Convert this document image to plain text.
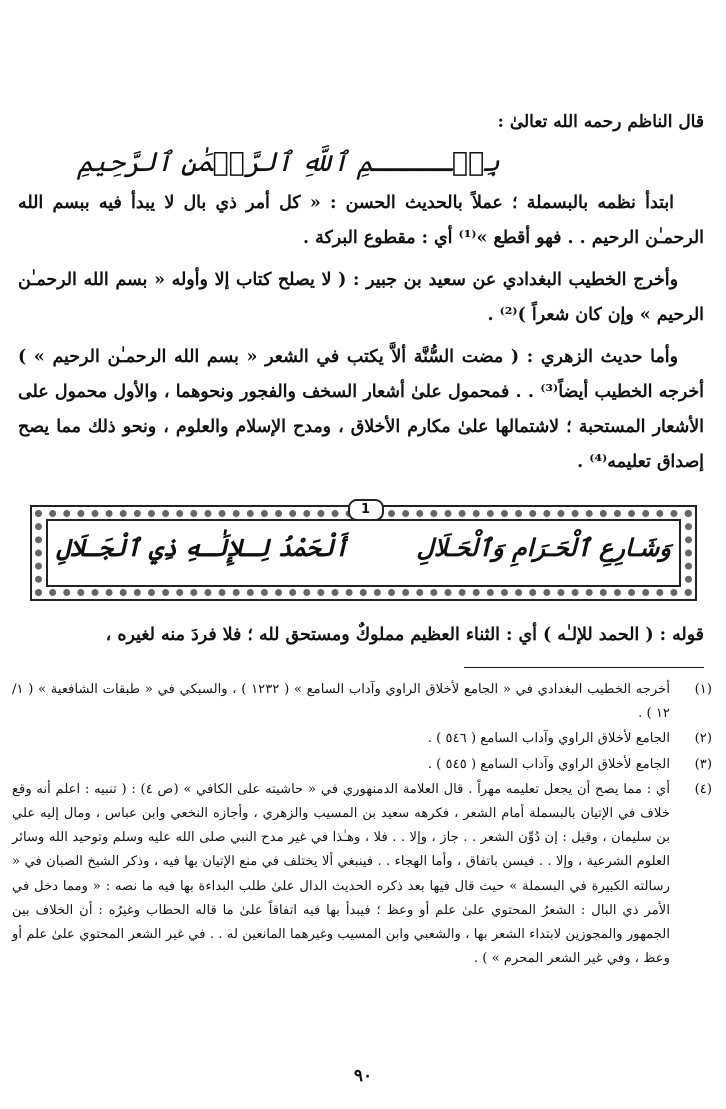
قال الناظم رحمه الله تعالىٰ :
بِسۡـــــمِ ٱللَّهِ ٱلرَّحۡمَٰنِ ٱلرَّحِيمِ

ابتدأ نظمه بالبسملة ؛ عملاً بالحديث الحسن : « كل أمر ذي بال لا يبدأ فيه ببسم الله الرحمـٰن الرحيم . . فهو أقطع »⁽¹⁾ أي : مقطوع البركة .

وأخرج الخطيب البغدادي عن سعيد بن جبير : ( لا يصلح كتاب إلا وأوله « بسم الله الرحمـٰن الرحيم » وإن كان شعراً )⁽²⁾ .

وأما حديث الزهري : ( مضت السُّنَّة ألاَّ يكتب في الشعر « بسم الله الرحمـٰن الرحيم » ) أخرجه الخطيب أيضاً⁽³⁾ . . فمحمول علىٰ أشعار السخف والفجور ونحوهما ، والأول محمول على الأشعار المستحبة ؛ لاشتمالها علىٰ مكارم الأخلاق ، ومدح الإسلام والعلوم ، ونحو ذلك مما يصح إصداق تعليمه⁽⁴⁾ .

1
أَلْحَمْدُ لِـلإِلَٰـهِ ذِي ٱلْجَـلَالِ	وَشَـارِعِ ٱلْحَـرَامِ وَٱلْحَـلَالِ
قوله : ( الحمد للإلـٰه ) أي : الثناء العظيم مملوكٌ ومستحق لله ؛ فلا فردَ منه لغيره ،
(١)
أخرجه الخطيب البغدادي في « الجامع لأخلاق الراوي وآداب السامع » ( ١٢٣٢ ) ، والسبكي في « طبقات الشافعية » ( ١/ ١٢ ) .
(٢)
الجامع لأخلاق الراوي وآداب السامع ( ٥٤٦ ) .
(٣)
الجامع لأخلاق الراوي وآداب السامع ( ٥٤٥ ) .
(٤)
أي : مما يصح أن يجعل تعليمه مهراً . قال العلامة الدمنهوري في « حاشيته على الكافي » (ص ٤) : ( تنبيه : اعلم أنه وقع خلاف في الإتيان بالبسملة أمام الشعر ، فكرهه سعيد بن المسيب والزهري ، وأجازه النخعي وابن عباس ، ومال إليه علي بن سليمان ، وقيل : إن دُوِّن الشعر . . جاز ، وإلا . . فلا ، وهـٰذا في غير مدح النبي صلى الله عليه وسلم وتوحيد الله وسائر العلوم الشرعية ، وإلا . . فيسن باتفاق ، وأما الهجاء . . فينبغي ألا يختلف في منع الإتيان بها فيه ، وذكر الشيخ الصبان في « رسالته الكبيرة في البسملة » حيث قال فيها بعد ذكره الحديث الدال علىٰ طلب البداءة بها فيه ما نصه : « ومما دخل في الأمر ذي البال : الشعرُ المحتوي علىٰ علم أو وعظ ؛ فيبدأ بها فيه اتفاقاً علىٰ ما قاله الحطاب وغيرُه : أن الخلاف بين الجمهور والمجوزين لابتداء الشعر بها ، والشعبي وابن المسيب وغيرهما المانعين له . . في غير الشعر المحتوي علىٰ علم أو وعظ ، وفي غير الشعر المحرم » ) .
٩٠
